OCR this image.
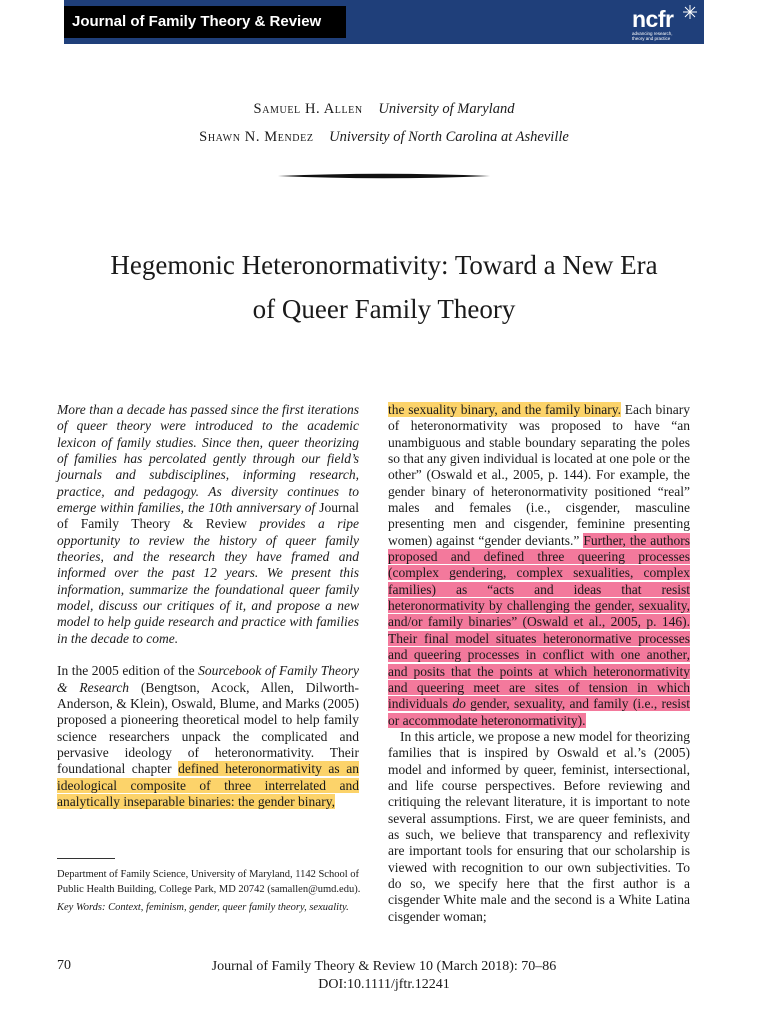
Journal of Family Theory & Review	ncfr
advancing research, theory and practice
Samuel H. Allen University of Maryland
Shawn N. Mendez University of North Carolina at Asheville
Hegemonic Heteronormativity: Toward a New Era
of Queer Family Theory

More than a decade has passed since the first iterations of queer theory were introduced to the academic lexicon of family studies. Since then, queer theorizing of families has percolated gently through our field’s journals and subdisciplines, informing research, practice, and pedagogy. As diversity continues to emerge within families, the 10th anniversary of Journal of Family Theory & Review provides a ripe opportunity to review the history of queer family theories, and the research they have framed and informed over the past 12 years. We present this information, summarize the foundational queer family model, discuss our critiques of it, and propose a new model to help guide research and practice with families in the decade to come.

In the 2005 edition of the Sourcebook of Family Theory & Research (Bengtson, Acock, Allen, Dilworth-Anderson, & Klein), Oswald, Blume, and Marks (2005) proposed a pioneering theoretical model to help family science researchers unpack the complicated and pervasive ideology of heteronormativity. Their foundational chapter defined heteronormativity as an ideological composite of three interrelated and analytically inseparable binaries: the gender binary,

the sexuality binary, and the family binary. Each binary of heteronormativity was proposed to have “an unambiguous and stable boundary separating the poles so that any given individual is located at one pole or the other” (Oswald et al., 2005, p. 144). For example, the gender binary of heteronormativity positioned “real” males and females (i.e., cisgender, masculine presenting men and cisgender, feminine presenting women) against “gender deviants.” Further, the authors proposed and defined three queering processes (complex gendering, complex sexualities, complex families) as “acts and ideas that resist heteronormativity by challenging the gender, sexuality, and/or family binaries” (Oswald et al., 2005, p. 146). Their final model situates heteronormative processes and queering processes in conflict with one another, and posits that the points at which heteronormativity and queering meet are sites of tension in which individuals do gender, sexuality, and family (i.e., resist or accommodate heteronormativity).

In this article, we propose a new model for theorizing families that is inspired by Oswald et al.’s (2005) model and informed by queer, feminist, intersectional, and life course perspectives. Before reviewing and critiquing the relevant literature, it is important to note several assumptions. First, we are queer feminists, and as such, we believe that transparency and reflexivity are important tools for ensuring that our scholarship is viewed with recognition to our own subjectivities. To do so, we specify here that the first author is a cisgender White male and the second is a White Latina cisgender woman;

Department of Family Science, University of Maryland, 1142 School of Public Health Building, College Park, MD 20742 (samallen@umd.edu).

Key Words: Context, feminism, gender, queer family theory, sexuality.

70	Journal of Family Theory & Review 10 (March 2018): 70–86
DOI:10.1111/jftr.12241
